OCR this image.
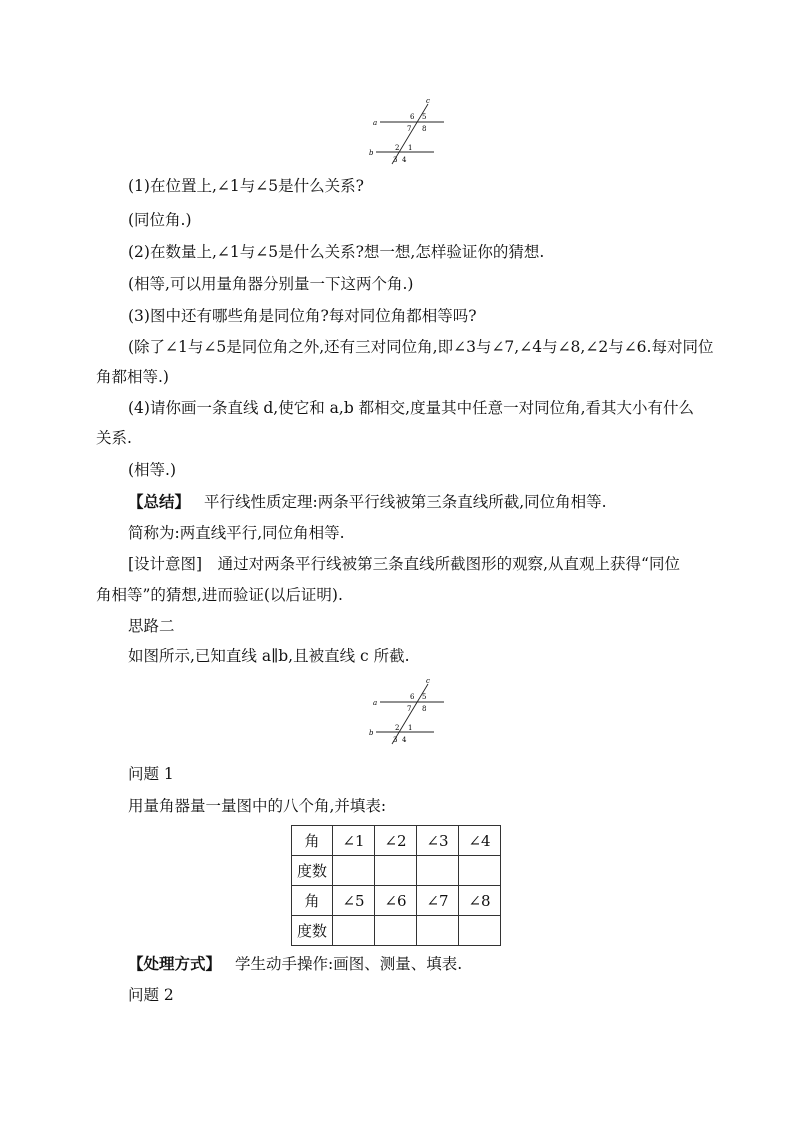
a
b
c
6 5
7 8
2 1
3 4
(1)在位置上,∠1与∠5是什么关系?
(同位角.)
(2)在数量上,∠1与∠5是什么关系?想一想,怎样验证你的猜想.
(相等,可以用量角器分别量一下这两个角.)
(3)图中还有哪些角是同位角?每对同位角都相等吗?
(除了∠1与∠5是同位角之外,还有三对同位角,即∠3与∠7,∠4与∠8,∠2与∠6.每对同位
角都相等.)
(4)请你画一条直线 d,使它和 a,b 都相交,度量其中任意一对同位角,看其大小有什么
关系.
(相等.)
【总结】 平行线性质定理:两条平行线被第三条直线所截,同位角相等.
简称为:两直线平行,同位角相等.
[设计意图]　通过对两条平行线被第三条直线所截图形的观察,从直观上获得“同位
角相等”的猜想,进而验证(以后证明).
思路二
如图所示,已知直线 a∥b,且被直线 c 所截.
a
b
c
6 5
7 8
2 1
3 4
问题 1
用量角器量一量图中的八个角,并填表:
角	∠1	∠2	∠3	∠4
度数				
角	∠5	∠6	∠7	∠8
度数				
【处理方式】 学生动手操作:画图、测量、填表.
问题 2
